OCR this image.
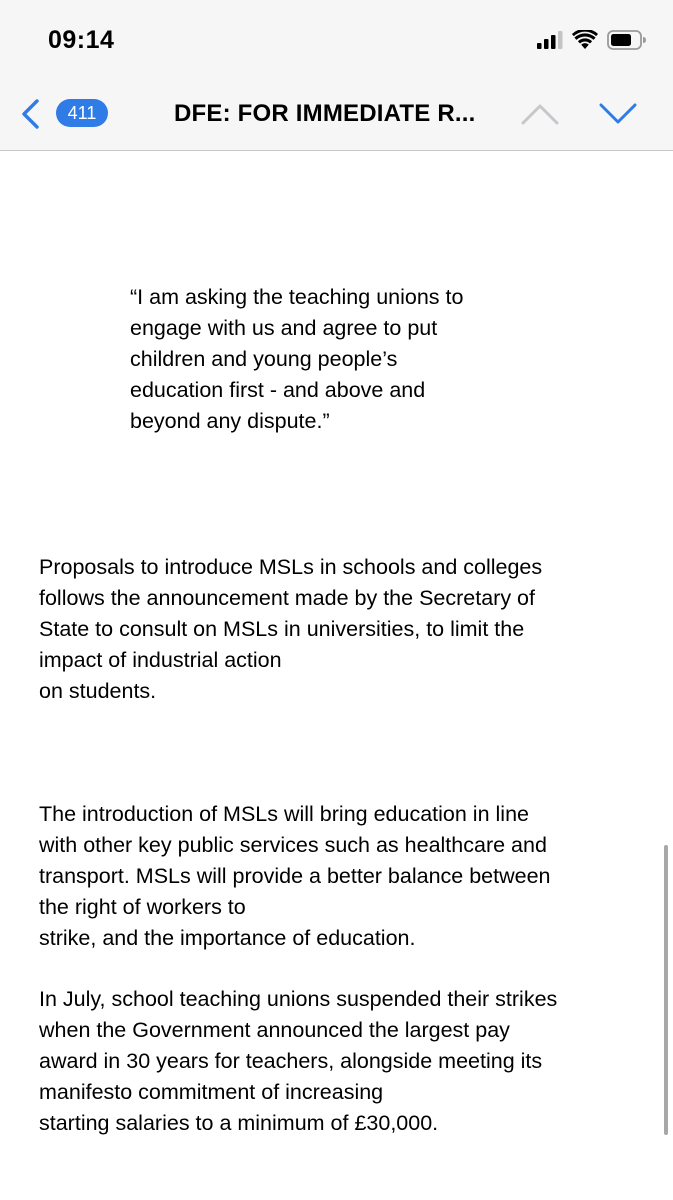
09:14
411	DFE: FOR IMMEDIATE R...

“I am asking the teaching unions to
engage with us and agree to put
children and young people’s
education first - and above and
beyond any dispute.”

Proposals to introduce MSLs in schools and colleges
follows the announcement made by the Secretary of
State to consult on MSLs in universities, to limit the
impact of industrial action
on students.

The introduction of MSLs will bring education in line
with other key public services such as healthcare and
transport. MSLs will provide a better balance between
the right of workers to
strike, and the importance of education.

In July, school teaching unions suspended their strikes
when the Government announced the largest pay
award in 30 years for teachers, alongside meeting its
manifesto commitment of increasing
starting salaries to a minimum of £30,000.
